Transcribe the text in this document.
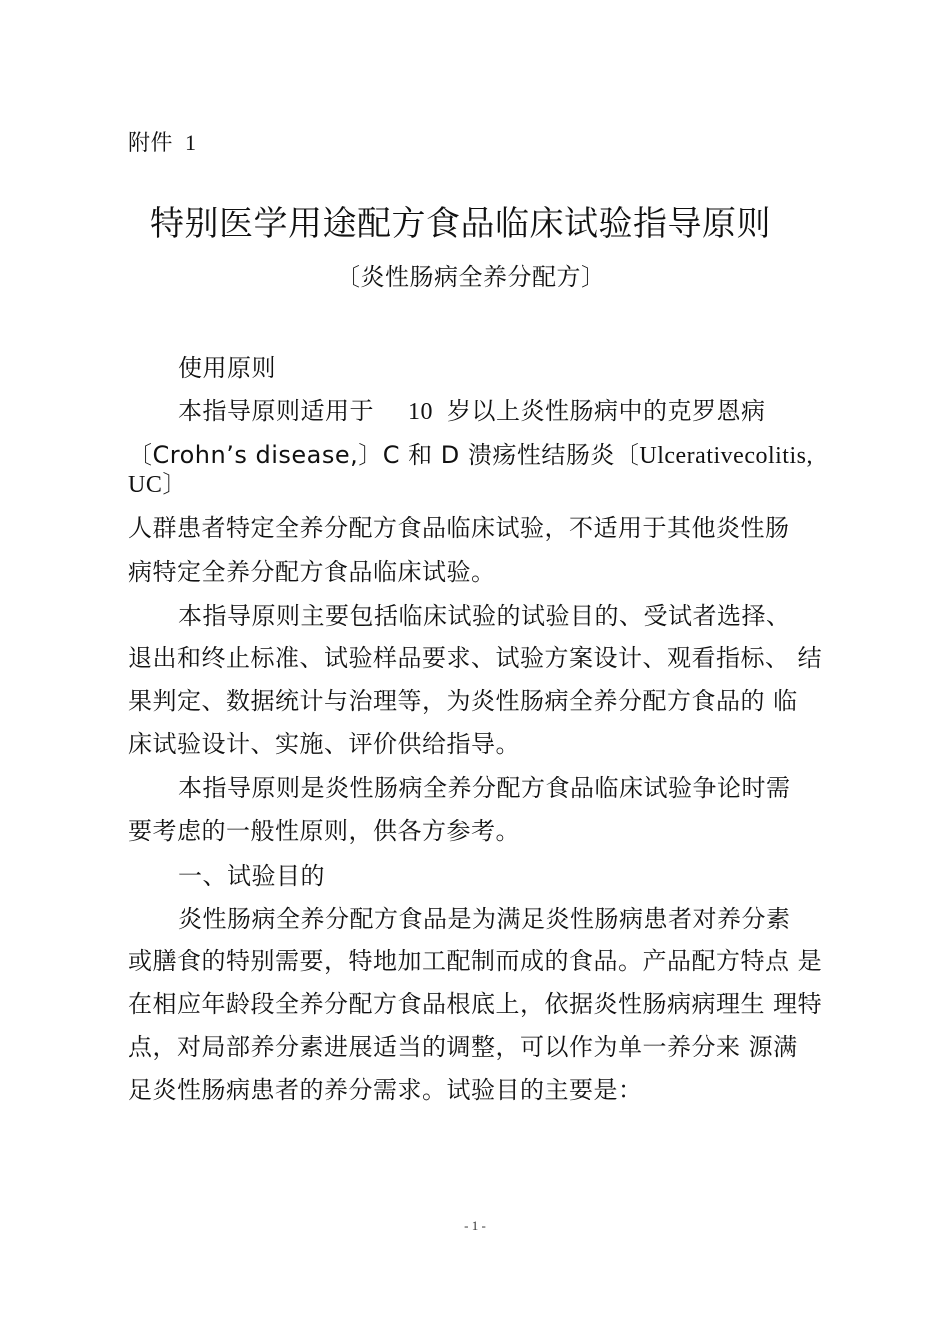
附件 1
特别医学用途配方食品临床试验指导原则
〔炎性肠病全养分配方〕
使用原则
本指导原则适用于 10 岁以上炎性肠病中的克罗恩病
〔Crohn’s disease,〕C 和 D 溃疡性结肠炎〔Ulcerativecolitis,
UC〕
人群患者特定全养分配方食品临床试验，不适用于其他炎性肠
病特定全养分配方食品临床试验。
本指导原则主要包括临床试验的试验目的、受试者选择、
退出和终止标准、试验样品要求、试验方案设计、观看指标、 结
果判定、数据统计与治理等，为炎性肠病全养分配方食品的 临
床试验设计、实施、评价供给指导。
本指导原则是炎性肠病全养分配方食品临床试验争论时需
要考虑的一般性原则，供各方参考。
一、试验目的
炎性肠病全养分配方食品是为满足炎性肠病患者对养分素
或膳食的特别需要，特地加工配制而成的食品。产品配方特点 是
在相应年龄段全养分配方食品根底上，依据炎性肠病病理生 理特
点，对局部养分素进展适当的调整，可以作为单一养分来 源满
足炎性肠病患者的养分需求。试验目的主要是：
- 1 -
